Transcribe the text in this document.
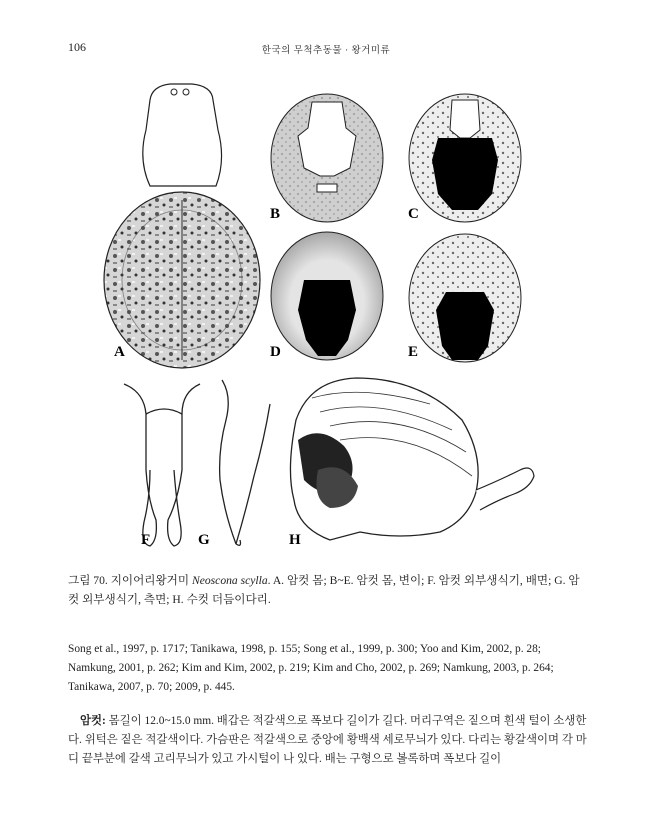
106	한국의 무척추동물 · 왕거미류
A
B	C
D	E
F	G	H
그림 70. 지이어리왕거미 Neoscona scylla. A. 암컷 몸; B~E. 암컷 몸, 변이; F. 암컷 외부생식기, 배면; G. 암컷 외부생식기, 측면; H. 수컷 더듬이다리.
Song et al., 1997, p. 1717; Tanikawa, 1998, p. 155; Song et al., 1999, p. 300; Yoo and Kim, 2002, p. 28; Namkung, 2001, p. 262; Kim and Kim, 2002, p. 219; Kim and Cho, 2002, p. 269; Namkung, 2003, p. 264; Tanikawa, 2007, p. 70; 2009, p. 445.
암컷: 몸길이 12.0~15.0 mm. 배갑은 적갈색으로 폭보다 길이가 길다. 머리구역은 짙으며 흰색 털이 소생한다. 위턱은 짙은 적갈색이다. 가슴판은 적갈색으로 중앙에 황백색 세로무늬가 있다. 다리는 황갈색이며 각 마디 끝부분에 갈색 고리무늬가 있고 가시털이 나 있다. 배는 구형으로 볼록하며 폭보다 길이
